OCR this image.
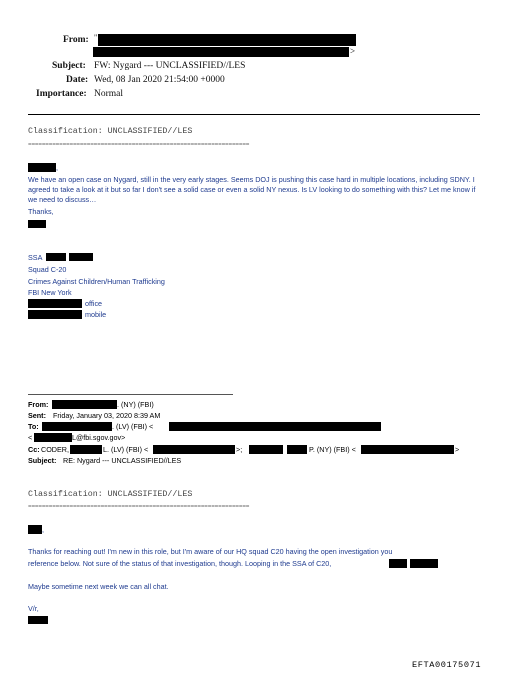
From: "
>
Subject: FW: Nygard --- UNCLASSIFIED//LES
Date: Wed, 08 Jan 2020 21:54:00 +0000
Importance: Normal
Classification: UNCLASSIFIED//LES
================================================================
,
We have an open case on Nygard, still in the very early stages. Seems DOJ is pushing this case hard in multiple locations, including SDNY. I agreed to take a look at it but so far I don't see a solid case or even a solid NY nexus. Is LV looking to do something with this? Let me know if we need to discuss…
Thanks,
SSA
Squad C-20
Crimes Against Children/Human Trafficking
FBI New York
office
mobile
From:	. (NY) (FBI)
Sent: Friday, January 03, 2020 8:39 AM
To:	. (LV) (FBI) <
<	L@fbi.sgov.gov>
Cc: CODER,	L. (LV) (FBI) <	>;	P. (NY) (FBI) <	>
Subject: RE: Nygard --- UNCLASSIFIED//LES
Classification: UNCLASSIFIED//LES
================================================================
,
Thanks for reaching out! I'm new in this role, but I'm aware of our HQ squad C20 having the open investigation you
reference below. Not sure of the status of that investigation, though. Looping in the SSA of C20,
Maybe sometime next week we can all chat.
V/r,
EFTA00175071
